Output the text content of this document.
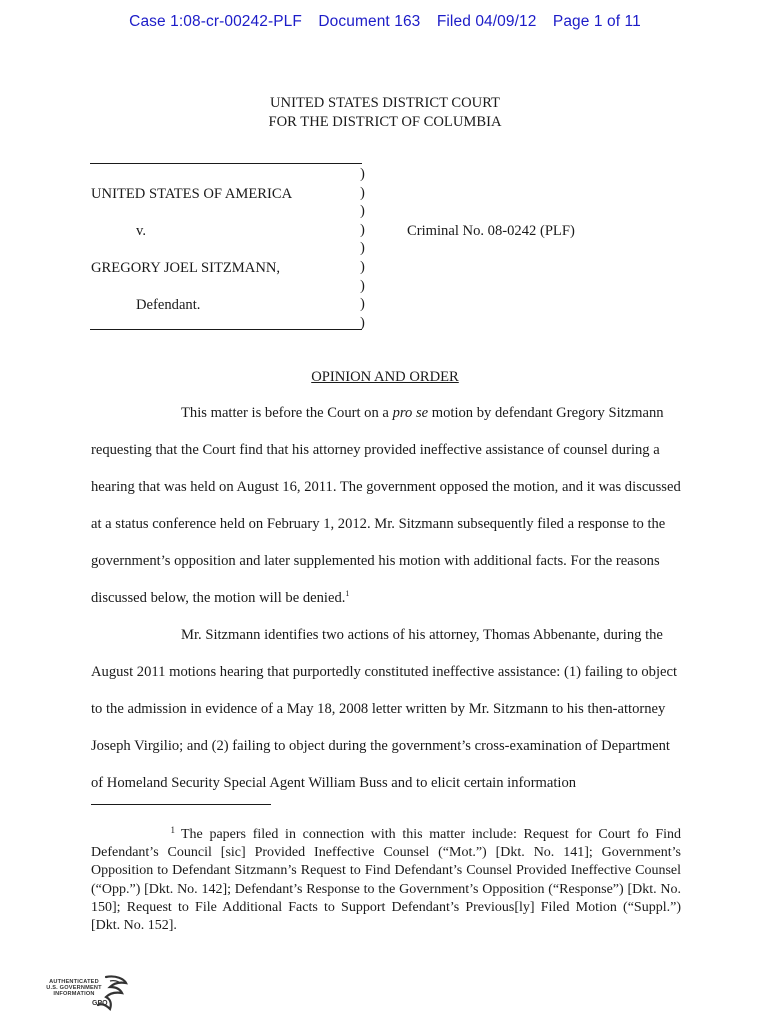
Case 1:08-cr-00242-PLF Document 163 Filed 04/09/12 Page 1 of 11
UNITED STATES DISTRICT COURT
FOR THE DISTRICT OF COLUMBIA
)
)
)
)
)
)
)
)
)
UNITED STATES OF AMERICA
v.
GREGORY JOEL SITZMANN,
Defendant.
Criminal No. 08-0242 (PLF)
OPINION AND ORDER

This matter is before the Court on a pro se motion by defendant Gregory Sitzmann requesting that the Court find that his attorney provided ineffective assistance of counsel during a hearing that was held on August 16, 2011. The government opposed the motion, and it was discussed at a status conference held on February 1, 2012. Mr. Sitzmann subsequently filed a response to the government’s opposition and later supplemented his motion with additional facts. For the reasons discussed below, the motion will be denied.$^1$

Mr. Sitzmann identifies two actions of his attorney, Thomas Abbenante, during the August 2011 motions hearing that purportedly constituted ineffective assistance: (1) failing to object to the admission in evidence of a May 18, 2008 letter written by Mr. Sitzmann to his then-attorney Joseph Virgilio; and (2) failing to object during the government’s cross-examination of Department of Homeland Security Special Agent William Buss and to elicit certain information

1 The papers filed in connection with this matter include: Request for Court fo Find Defendant’s Council [sic] Provided Ineffective Counsel (“Mot.”) [Dkt. No. 141]; Government’s Opposition to Defendant Sitzmann’s Request to Find Defendant’s Counsel Provided Ineffective Counsel (“Opp.”) [Dkt. No. 142]; Defendant’s Response to the Government’s Opposition (“Response”) [Dkt. No. 150]; Request to File Additional Facts to Support Defendant’s Previous[ly] Filed Motion (“Suppl.”) [Dkt. No. 152].
AUTHENTICATED
U.S. GOVERNMENT
INFORMATION
GPO
